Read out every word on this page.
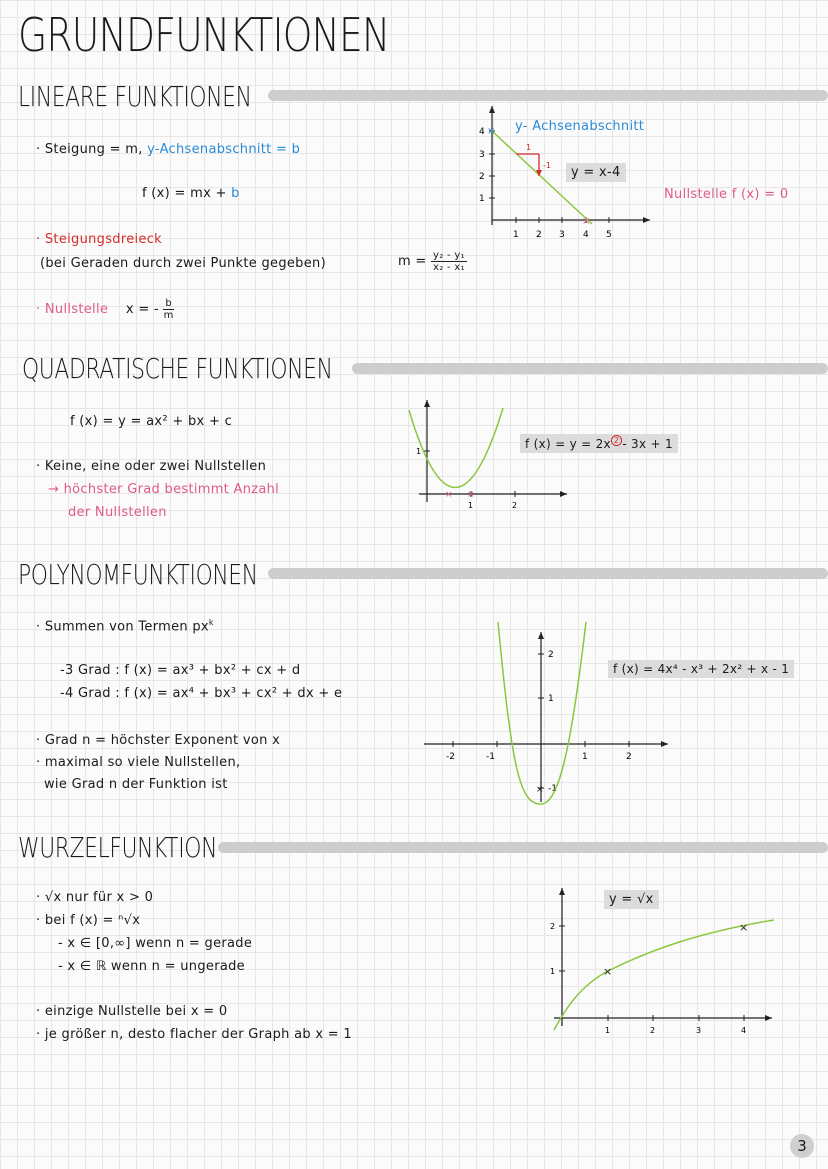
GRUNDFUNKTIONEN
LINEARE FUNKTIONEN
· Steigung = m, y-Achsenabschnitt = b
f (x) = mx + b
· Steigungsdreieck
(bei Geraden durch zwei Punkte gegeben)	$m = \frac{\text{y₂ - y₁}}{\text{x₂ - x₁}}$
· Nullstelle x = - $\frac{b}{m}$
1 2 3 4 5
1
2
3
4 ×
×
1
-1
y- Achsenabschnitt
y = x-4
Nullstelle f (x) = 0
QUADRATISCHE FUNKTIONEN
f (x) = y = ax² + bx + c
· Keine, eine oder zwei Nullstellen
→ höchster Grad bestimmt Anzahl
der Nullstellen	1	2
1
× ×
f (x) = y = 2x $^2$ - 3x + 1
POLYNOMFUNKTIONEN
· Summen von Termen $px^k$
-3 Grad : f (x) = ax³ + bx² + cx + d
-4 Grad : f (x) = ax⁴ + bx³ + cx² + dx + e
· Grad n = höchster Exponent von x
· maximal so viele Nullstellen,
wie Grad n der Funktion ist
-2	-1	1	2
2
1
-1
×
f (x) = 4x⁴ - x³ + 2x² + x - 1
WURZELFUNKTION
· √x nur für x > 0
· bei f (x) = ⁿ√x
- x ∈ [0,∞] wenn n = gerade
- x ∈ ℝ wenn n = ungerade
· einzige Nullstelle bei x = 0
· je größer n, desto flacher der Graph ab x = 1	1	2	3	4
1
2
×
×
y = √x
3
